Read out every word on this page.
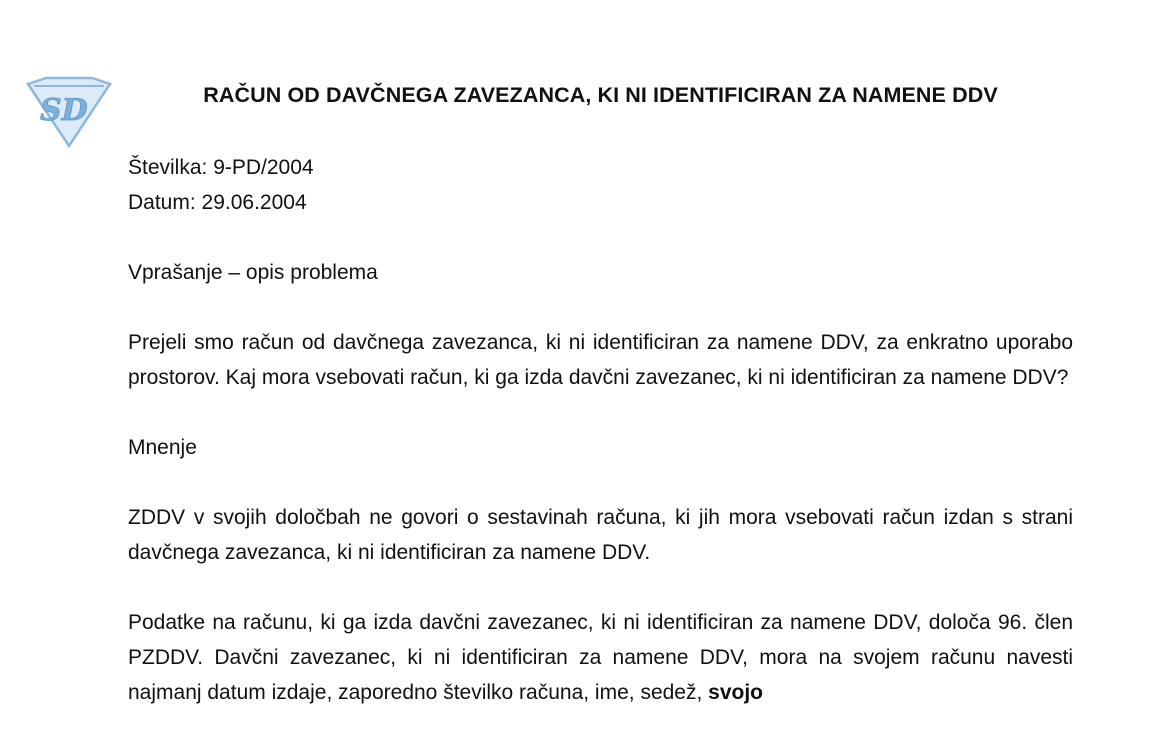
SD	RAČUN OD DAVČNEGA ZAVEZANCA, KI NI IDENTIFICIRAN ZA NAMENE DDV

Številka: 9-PD/2004

Datum: 29.06.2004

Vprašanje – opis problema

Prejeli smo račun od davčnega zavezanca, ki ni identificiran za namene DDV, za enkratno uporabo prostorov. Kaj mora vsebovati račun, ki ga izda davčni zavezanec, ki ni identificiran za namene DDV?

Mnenje

ZDDV v svojih določbah ne govori o sestavinah računa, ki jih mora vsebovati račun izdan s strani davčnega zavezanca, ki ni identificiran za namene DDV.

Podatke na računu, ki ga izda davčni zavezanec, ki ni identificiran za namene DDV, določa 96. člen PZDDV. Davčni zavezanec, ki ni identificiran za namene DDV, mora na svojem računu navesti najmanj datum izdaje, zaporedno številko računa, ime, sedež, svojo
